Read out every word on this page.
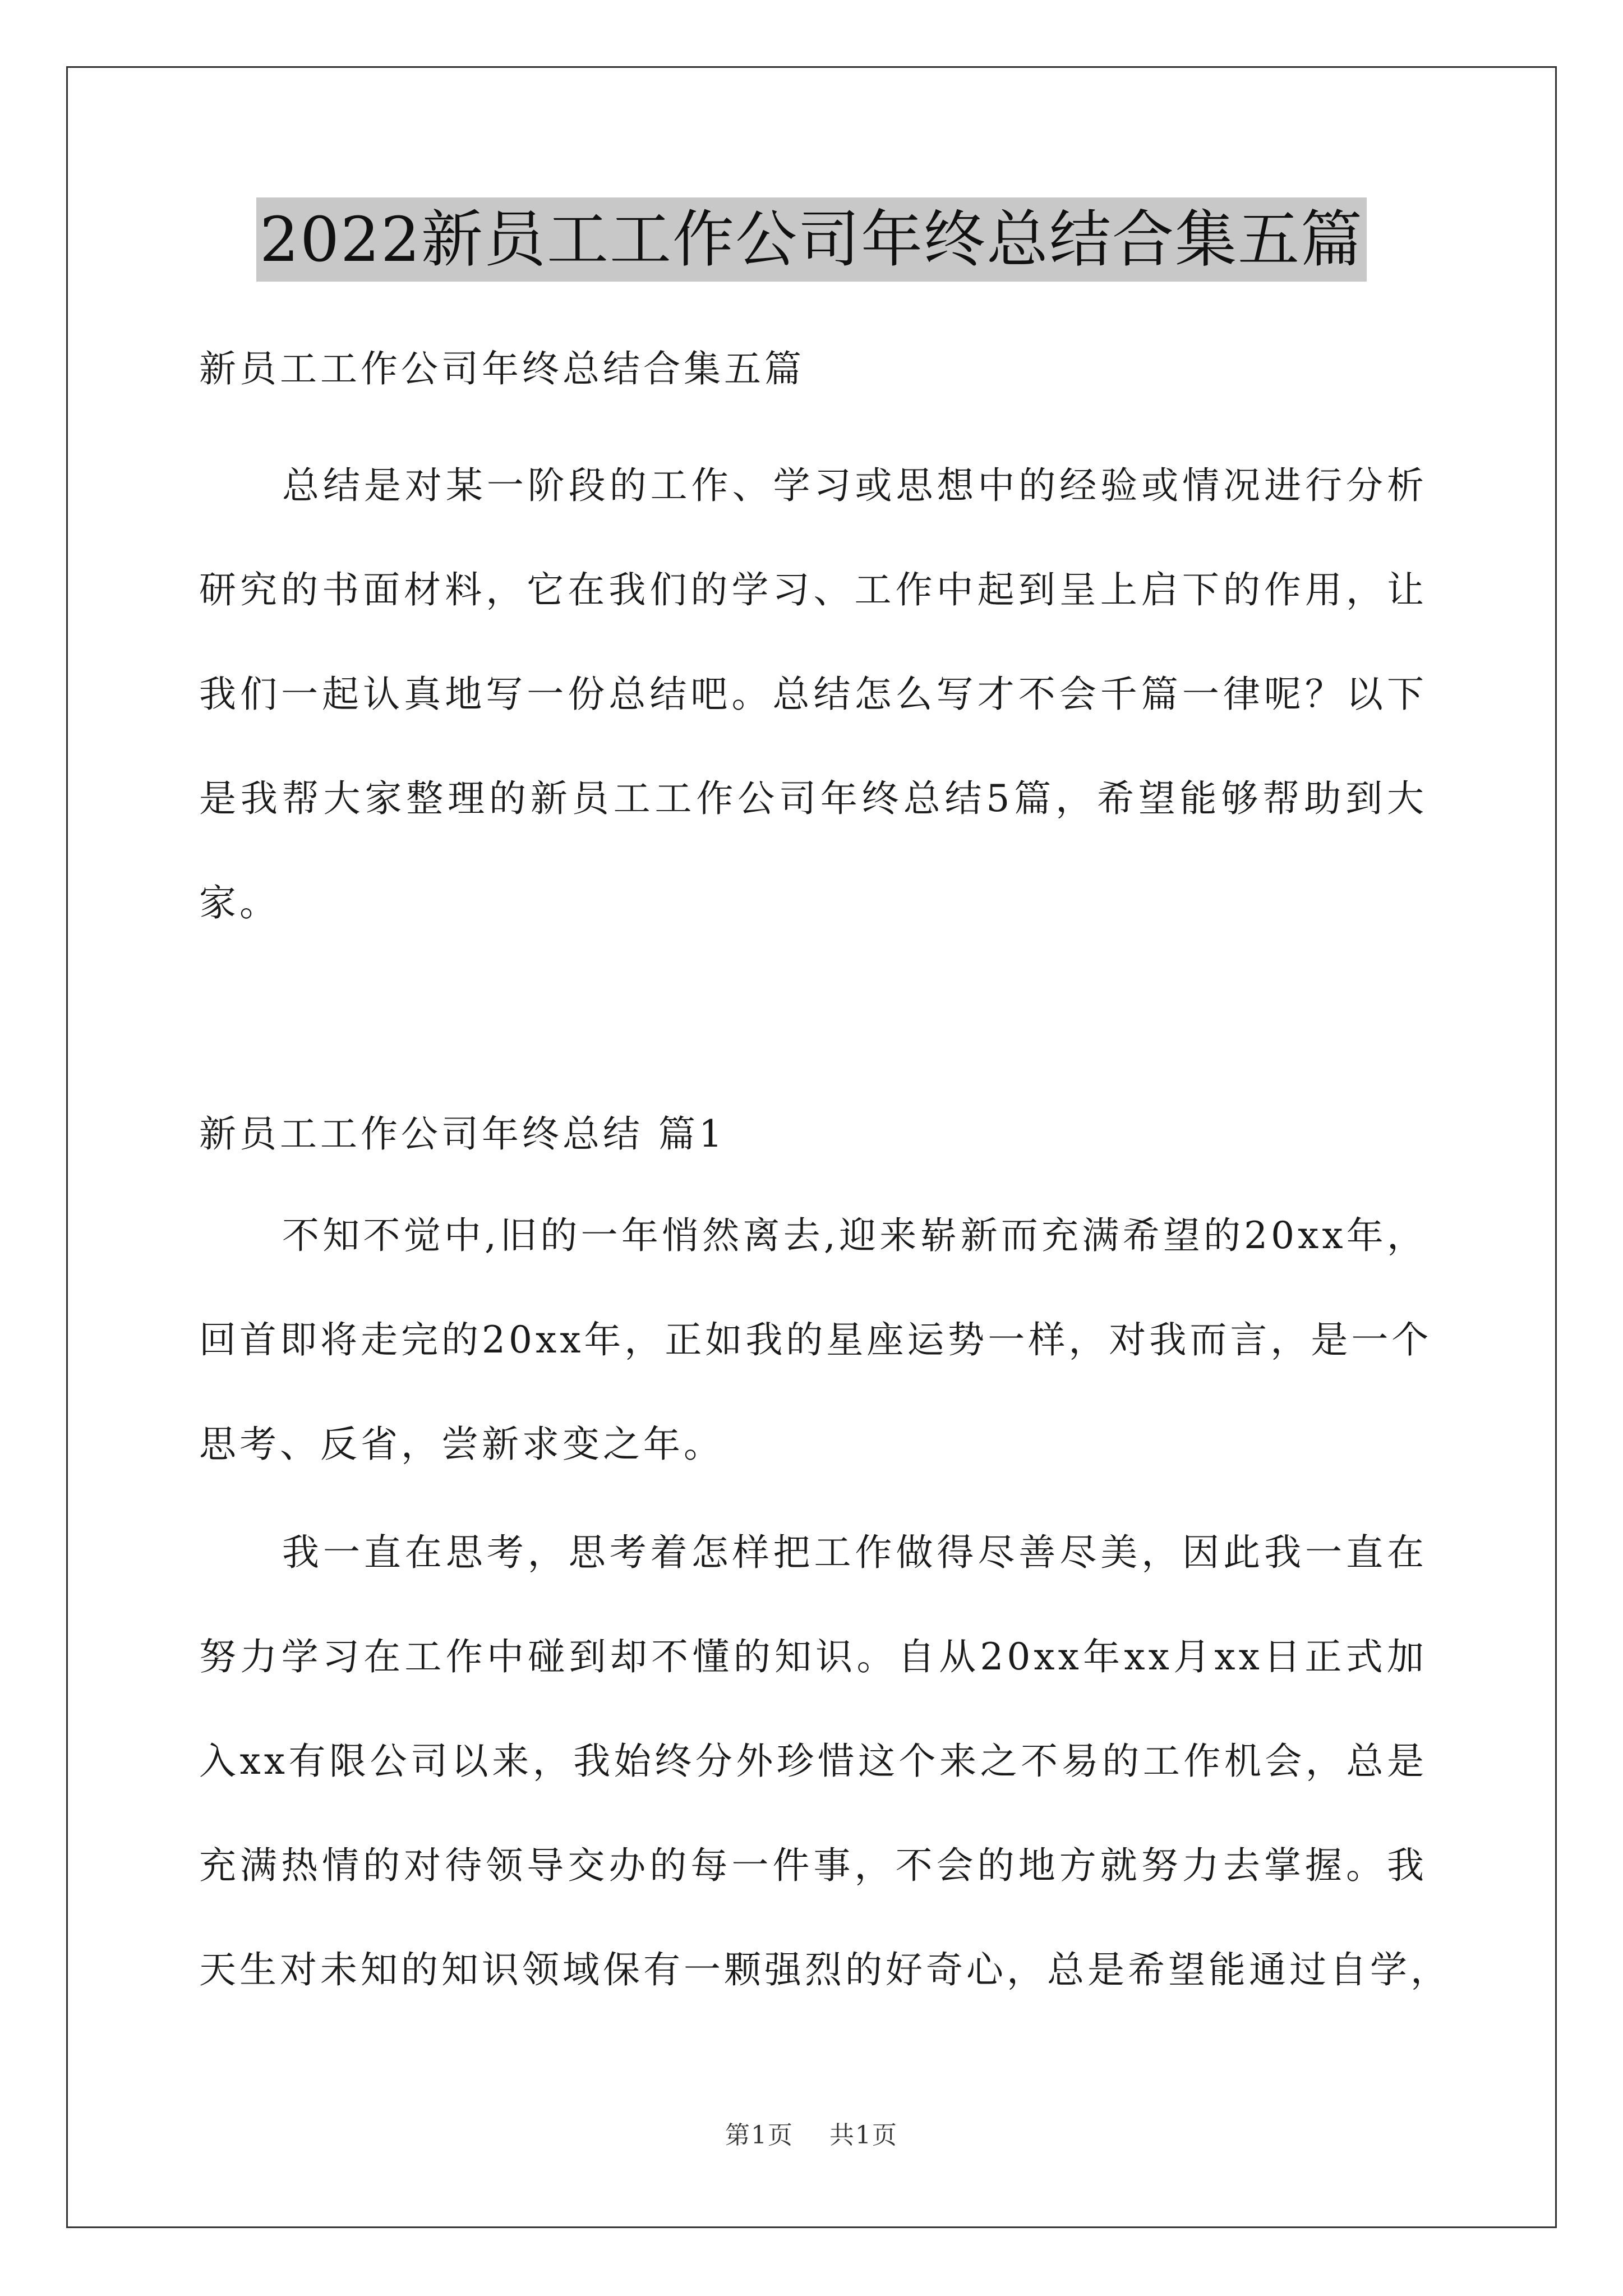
2022新员工工作公司年终总结合集五篇
新员工工作公司年终总结合集五篇
总结是对某一阶段的工作、学习或思想中的经验或情况进行分析
研究的书面材料，它在我们的学习、工作中起到呈上启下的作用，让
我们一起认真地写一份总结吧。总结怎么写才不会千篇一律呢？以下
是我帮大家整理的新员工工作公司年终总结5篇，希望能够帮助到大
家。
新员工工作公司年终总结 篇1
不知不觉中,旧的一年悄然离去,迎来崭新而充满希望的20xx年，
回首即将走完的20xx年，正如我的星座运势一样，对我而言，是一个
思考、反省，尝新求变之年。
我一直在思考，思考着怎样把工作做得尽善尽美，因此我一直在
努力学习在工作中碰到却不懂的知识。自从20xx年xx月xx日正式加
入xx有限公司以来，我始终分外珍惜这个来之不易的工作机会，总是
充满热情的对待领导交办的每一件事，不会的地方就努力去掌握。我
天生对未知的知识领域保有一颗强烈的好奇心，总是希望能通过自学，
第1页    共1页
